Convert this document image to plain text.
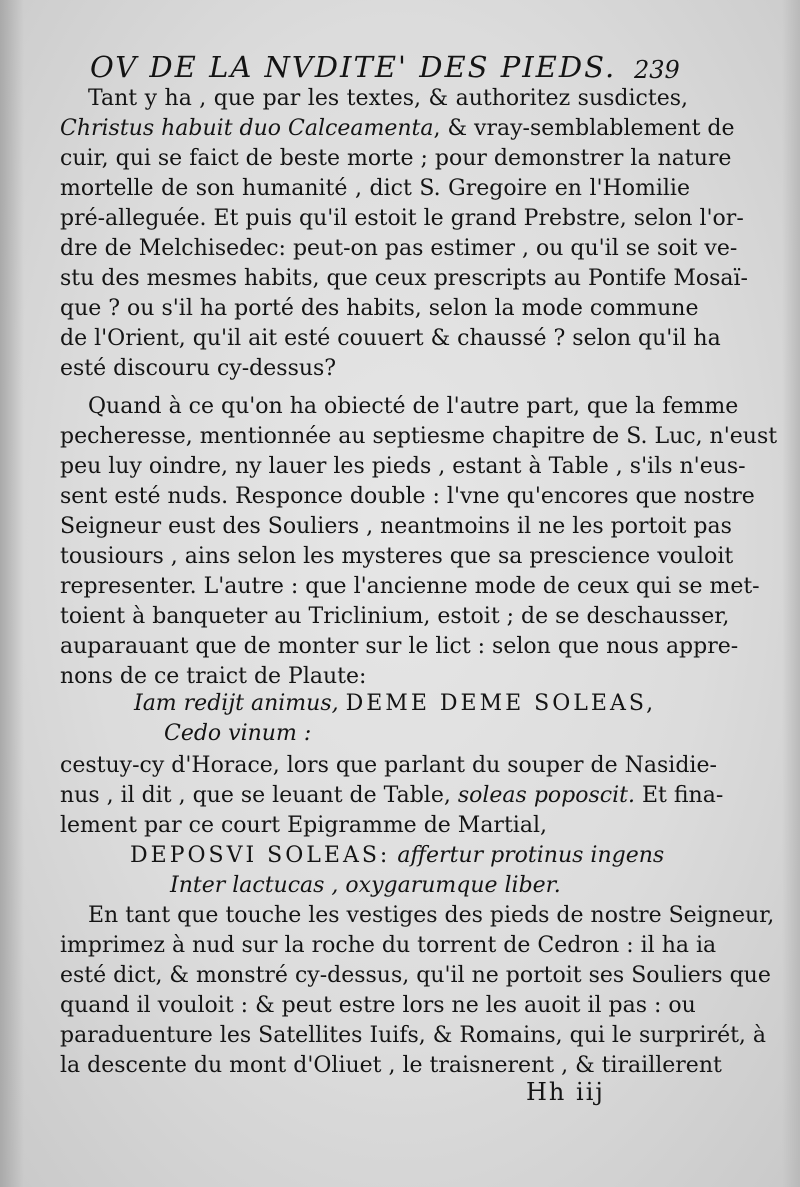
OV DE LA NVDITE' DES PIEDS. 239
Tant y ha , que par les textes, & authoritez susdictes,
Christus habuit duo Calceamenta, & vray-semblablement de
cuir, qui se faict de beste morte ; pour demonstrer la nature
mortelle de son humanité , dict S. Gregoire en l'Homilie
pré-alleguée. Et puis qu'il estoit le grand Prebstre, selon l'or-
dre de Melchisedec: peut-on pas estimer , ou qu'il se soit ve-
stu des mesmes habits, que ceux prescripts au Pontife Mosaï-
que ? ou s'il ha porté des habits, selon la mode commune
de l'Orient, qu'il ait esté couuert & chaussé ? selon qu'il ha
esté discouru cy-dessus?
Quand à ce qu'on ha obiecté de l'autre part, que la femme
pecheresse, mentionnée au septiesme chapitre de S. Luc, n'eust
peu luy oindre, ny lauer les pieds , estant à Table , s'ils n'eus-
sent esté nuds. Responce double : l'vne qu'encores que nostre
Seigneur eust des Souliers , neantmoins il ne les portoit pas
tousiours , ains selon les mysteres que sa prescience vouloit
representer. L'autre : que l'ancienne mode de ceux qui se met-
toient à banqueter au Triclinium, estoit ; de se deschausser,
auparauant que de monter sur le lict : selon que nous appre-
nons de ce traict de Plaute:
Iam redijt animus, DEME DEME SOLEAS,
Cedo vinum :
cestuy-cy d'Horace, lors que parlant du souper de Nasidie-
nus , il dit , que se leuant de Table, soleas poposcit. Et fina-
lement par ce court Epigramme de Martial,
DEPOSVI SOLEAS: affertur protinus ingens
Inter lactucas , oxygarumque liber.
En tant que touche les vestiges des pieds de nostre Seigneur,
imprimez à nud sur la roche du torrent de Cedron : il ha ia
esté dict, & monstré cy-dessus, qu'il ne portoit ses Souliers que
quand il vouloit : & peut estre lors ne les auoit il pas : ou
paraduenture les Satellites Iuifs, & Romains, qui le surprirét, à
la descente du mont d'Oliuet , le traisnerent , & tiraillerent
Hh iij
